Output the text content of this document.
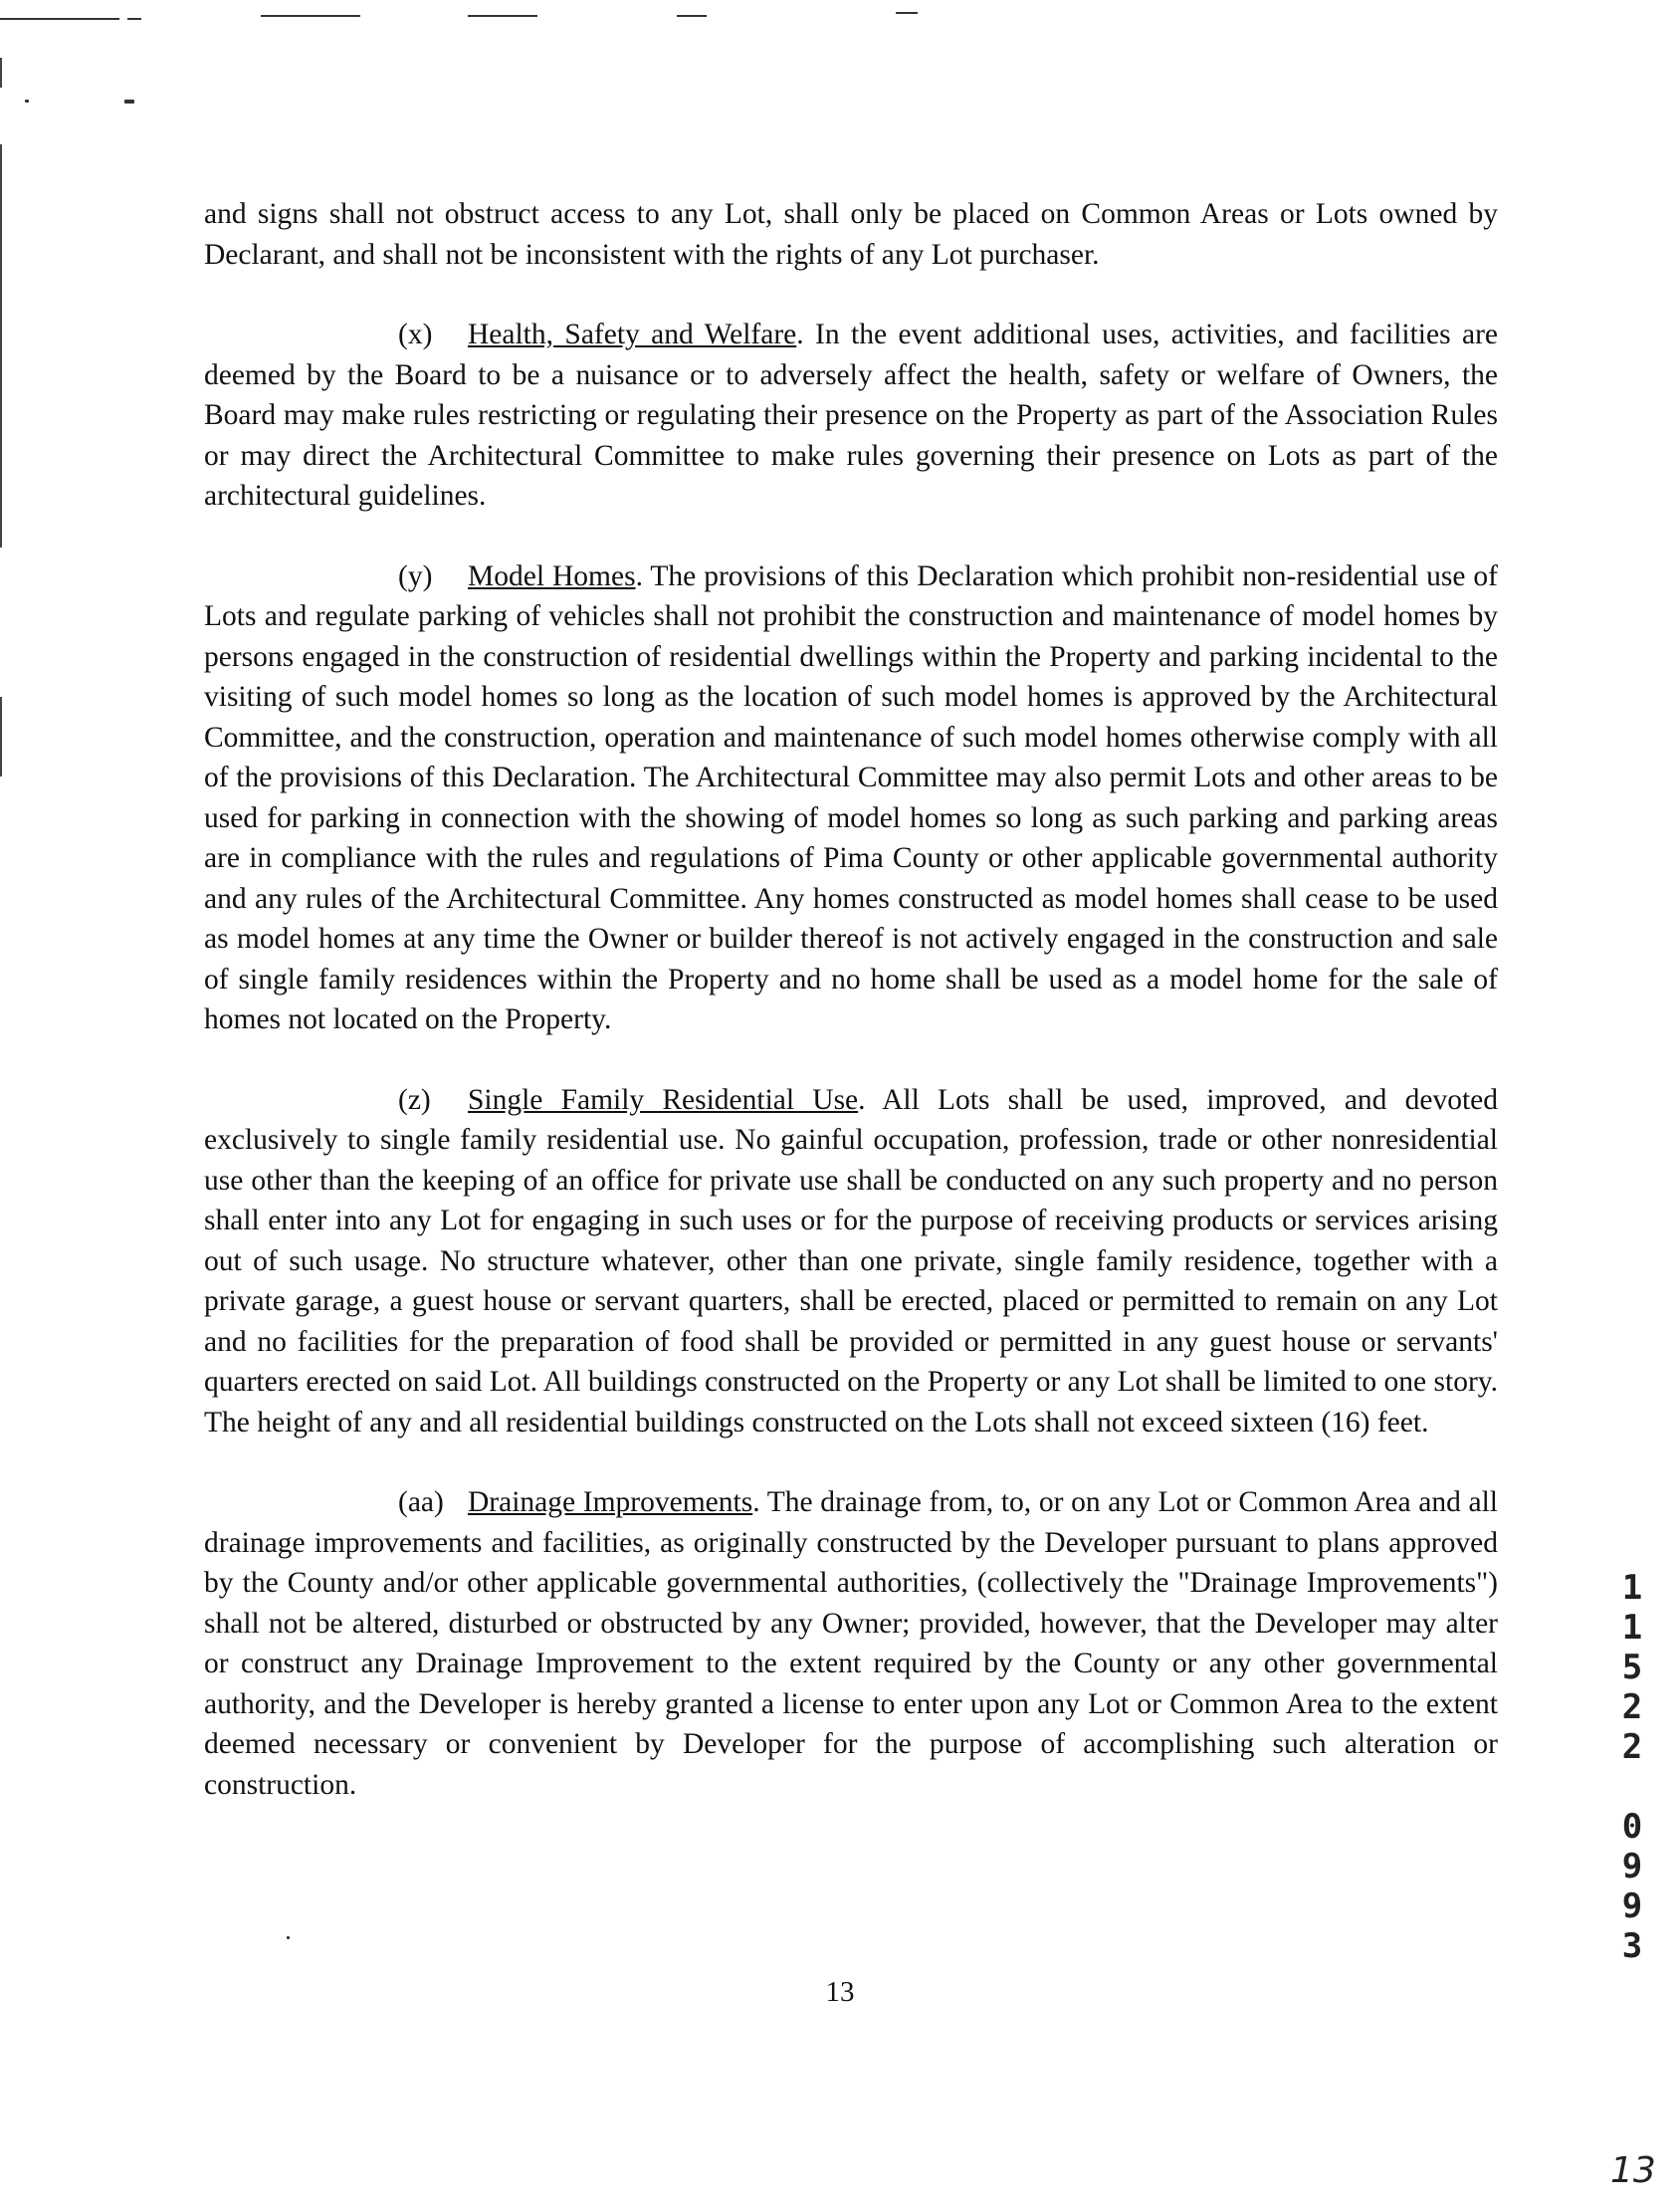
and signs shall not obstruct access to any Lot, shall only be placed on Common Areas or Lots owned by Declarant, and shall not be inconsistent with the rights of any Lot purchaser.

(x) Health, Safety and Welfare. In the event additional uses, activities, and facilities are deemed by the Board to be a nuisance or to adversely affect the health, safety or welfare of Owners, the Board may make rules restricting or regulating their presence on the Property as part of the Association Rules or may direct the Architectural Committee to make rules governing their presence on Lots as part of the architectural guidelines.

(y) Model Homes. The provisions of this Declaration which prohibit non-residential use of Lots and regulate parking of vehicles shall not prohibit the construction and maintenance of model homes by persons engaged in the construction of residential dwellings within the Property and parking incidental to the visiting of such model homes so long as the location of such model homes is approved by the Architectural Committee, and the construction, operation and maintenance of such model homes otherwise comply with all of the provisions of this Declaration. The Architectural Committee may also permit Lots and other areas to be used for parking in connection with the showing of model homes so long as such parking and parking areas are in compliance with the rules and regulations of Pima County or other applicable governmental authority and any rules of the Architectural Committee. Any homes constructed as model homes shall cease to be used as model homes at any time the Owner or builder thereof is not actively engaged in the construction and sale of single family residences within the Property and no home shall be used as a model home for the sale of homes not located on the Property.

(z) Single Family Residential Use. All Lots shall be used, improved, and devoted exclusively to single family residential use. No gainful occupation, profession, trade or other nonresidential use other than the keeping of an office for private use shall be conducted on any such property and no person shall enter into any Lot for engaging in such uses or for the purpose of receiving products or services arising out of such usage. No structure whatever, other than one private, single family residence, together with a private garage, a guest house or servant quarters, shall be erected, placed or permitted to remain on any Lot and no facilities for the preparation of food shall be provided or permitted in any guest house or servants' quarters erected on said Lot. All buildings constructed on the Property or any Lot shall be limited to one story. The height of any and all residential buildings constructed on the Lots shall not exceed sixteen (16) feet.

(aa) Drainage Improvements. The drainage from, to, or on any Lot or Common Area and all drainage improvements and facilities, as originally constructed by the Developer pursuant to plans approved by the County and/or other applicable governmental authorities, (collectively the "Drainage Improvements") shall not be altered, disturbed or obstructed by any Owner; provided, however, that the Developer may alter or construct any Drainage Improvement to the extent required by the County or any other governmental authority, and the Developer is hereby granted a license to enter upon any Lot or Common Area to the extent deemed necessary or convenient by Developer for the purpose of accomplishing such alteration or construction.

1
1
5
2
2

0
9
9
3
13
13
